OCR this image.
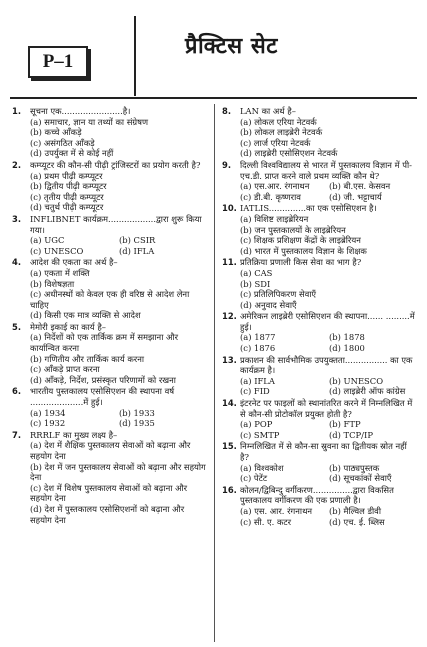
P–1
प्रैक्टिस सेट
1.	सूचना एक.......................है।
(a) समाचार, ज्ञान या तथ्यों का संग्रेषण
(b) कच्चे आँकड़े
(c) असंगठित आँकड़े
(d) उपर्युक्त में से कोई नहीं
2.	कम्प्यूटर की कौन-सी पीढ़ी ट्रांजिस्टरों का प्रयोग करती है?
(a) प्रथम पीढ़ी कम्प्यूटर
(b) द्वितीय पीढ़ी कम्प्यूटर
(c) तृतीय पीढ़ी कम्प्यूटर
(d) चतुर्थ पीढ़ी कम्प्यूटर
3.	INFLIBNET कार्यक्रम..................द्वारा शुरू किया गया।
(a) UGC	(b) CSIR
(c) UNESCO	(d) IFLA
4.	आदेश की एकता का अर्थ है–
(a) एकता में शक्ति
(b) विशेषज्ञता
(c) अधीनस्थों को केवल एक ही वरिष्ठ से आदेश लेना चाहिए
(d) किसी एक मात्र व्यक्ति से आदेश
5.	मेमोरी इकाई का कार्य है–
(a) निर्देशों को एक तार्किक क्रम में समझाना और कार्यान्वित करना
(b) गणितीय और तार्किक कार्य करना
(c) आँकड़े प्राप्त करना
(d) आँकड़े, निर्देश, प्रसंस्कृत परिणामों को रखना
6.	भारतीय पुस्तकालय एसोसिएशन की स्थापना वर्ष ....................में हुई।
(a) 1934	(b) 1933
(c) 1932	(d) 1935
7.	RRRLF का मुख्य लक्ष्य है–
(a) देश में शैक्षिक पुस्तकालय सेवाओं को बढ़ाना और सहयोग देना
(b) देश में जन पुस्तकालय सेवाओं को बढ़ाना और सहयोग देना
(c) देश में विशेष पुस्तकालय सेवाओं को बढ़ाना और सहयोग देना
(d) देश में पुस्तकालय एसोसिएशनों को बढ़ाना और सहयोग देना
8.	LAN का अर्थ है–
(a) लोकल एरिया नेटवर्क
(b) लोकल लाइब्रेरी नेटवर्क
(c) लार्ज एरिया नेटवर्क
(d) लाइब्रेरी एसोसिएशन नेटवर्क
9.	दिल्ली विश्वविद्यालय से भारत में पुस्तकालय विज्ञान में पी-एच.डी. प्राप्त करने वाले प्रथम व्यक्ति कौन थे?
(a) एस.आर. रंगनाथन	(b) बी.एस. केसवन
(c) डी.बी. कृष्णराव	(d) जी. भट्टाचार्य
10. IATLIS..............का एक एसोसिएशन है।
(a) विशिष्ट लाइब्रेरियन
(b) जन पुस्तकालयों के लाइब्रेरियन
(c) शिक्षक प्रशिक्षण केंद्रों के लाइब्रेरियन
(d) भारत में पुस्तकालय विज्ञान के शिक्षक
11. प्रतिक्रिया प्रणाली किस सेवा का भाग है?
(a) CAS
(b) SDI
(c) प्रतिलिपिकरण सेवाएँ
(d) अनुवाद सेवाएँ
12. अमेरिकन लाइब्रेरी एसोसिएशन की स्थापना...... .........में हुई।
(a) 1877	(b) 1878
(c) 1876	(d) 1800
13. प्रकाशन की सार्वभौमिक उपयुक्तता................ का एक कार्यक्रम है।
(a) IFLA	(b) UNESCO
(c) FID	(d) लाइब्रेरी ऑफ कांग्रेस
14. इंटरनेट पर फाइलों को स्थानांतरित करने में निम्नलिखित में से कौन-सी प्रोटोकॉल प्रयुक्त होती है?
(a) POP	(b) FTP
(c) SMTP	(d) TCP/IP
15. निम्नलिखित में से कौन-सा स्रुवना का द्वितीयक स्रोत नहीं है?
(a) विश्वकोश	(b) पाठ्यपुस्तक
(c) पेटेंट	(d) सूचकांकों सेवाएँ
16. कोलन/द्विबिन्दु वर्गीकरण...............द्वारा विकसित पुस्तकालय वर्गीकरण की एक प्रणाली है।
(a) एस. आर. रंगनाथन	(b) मैल्विल डीवी
(c) सी. ए. कटर	(d) एच. ई. ब्लिस
